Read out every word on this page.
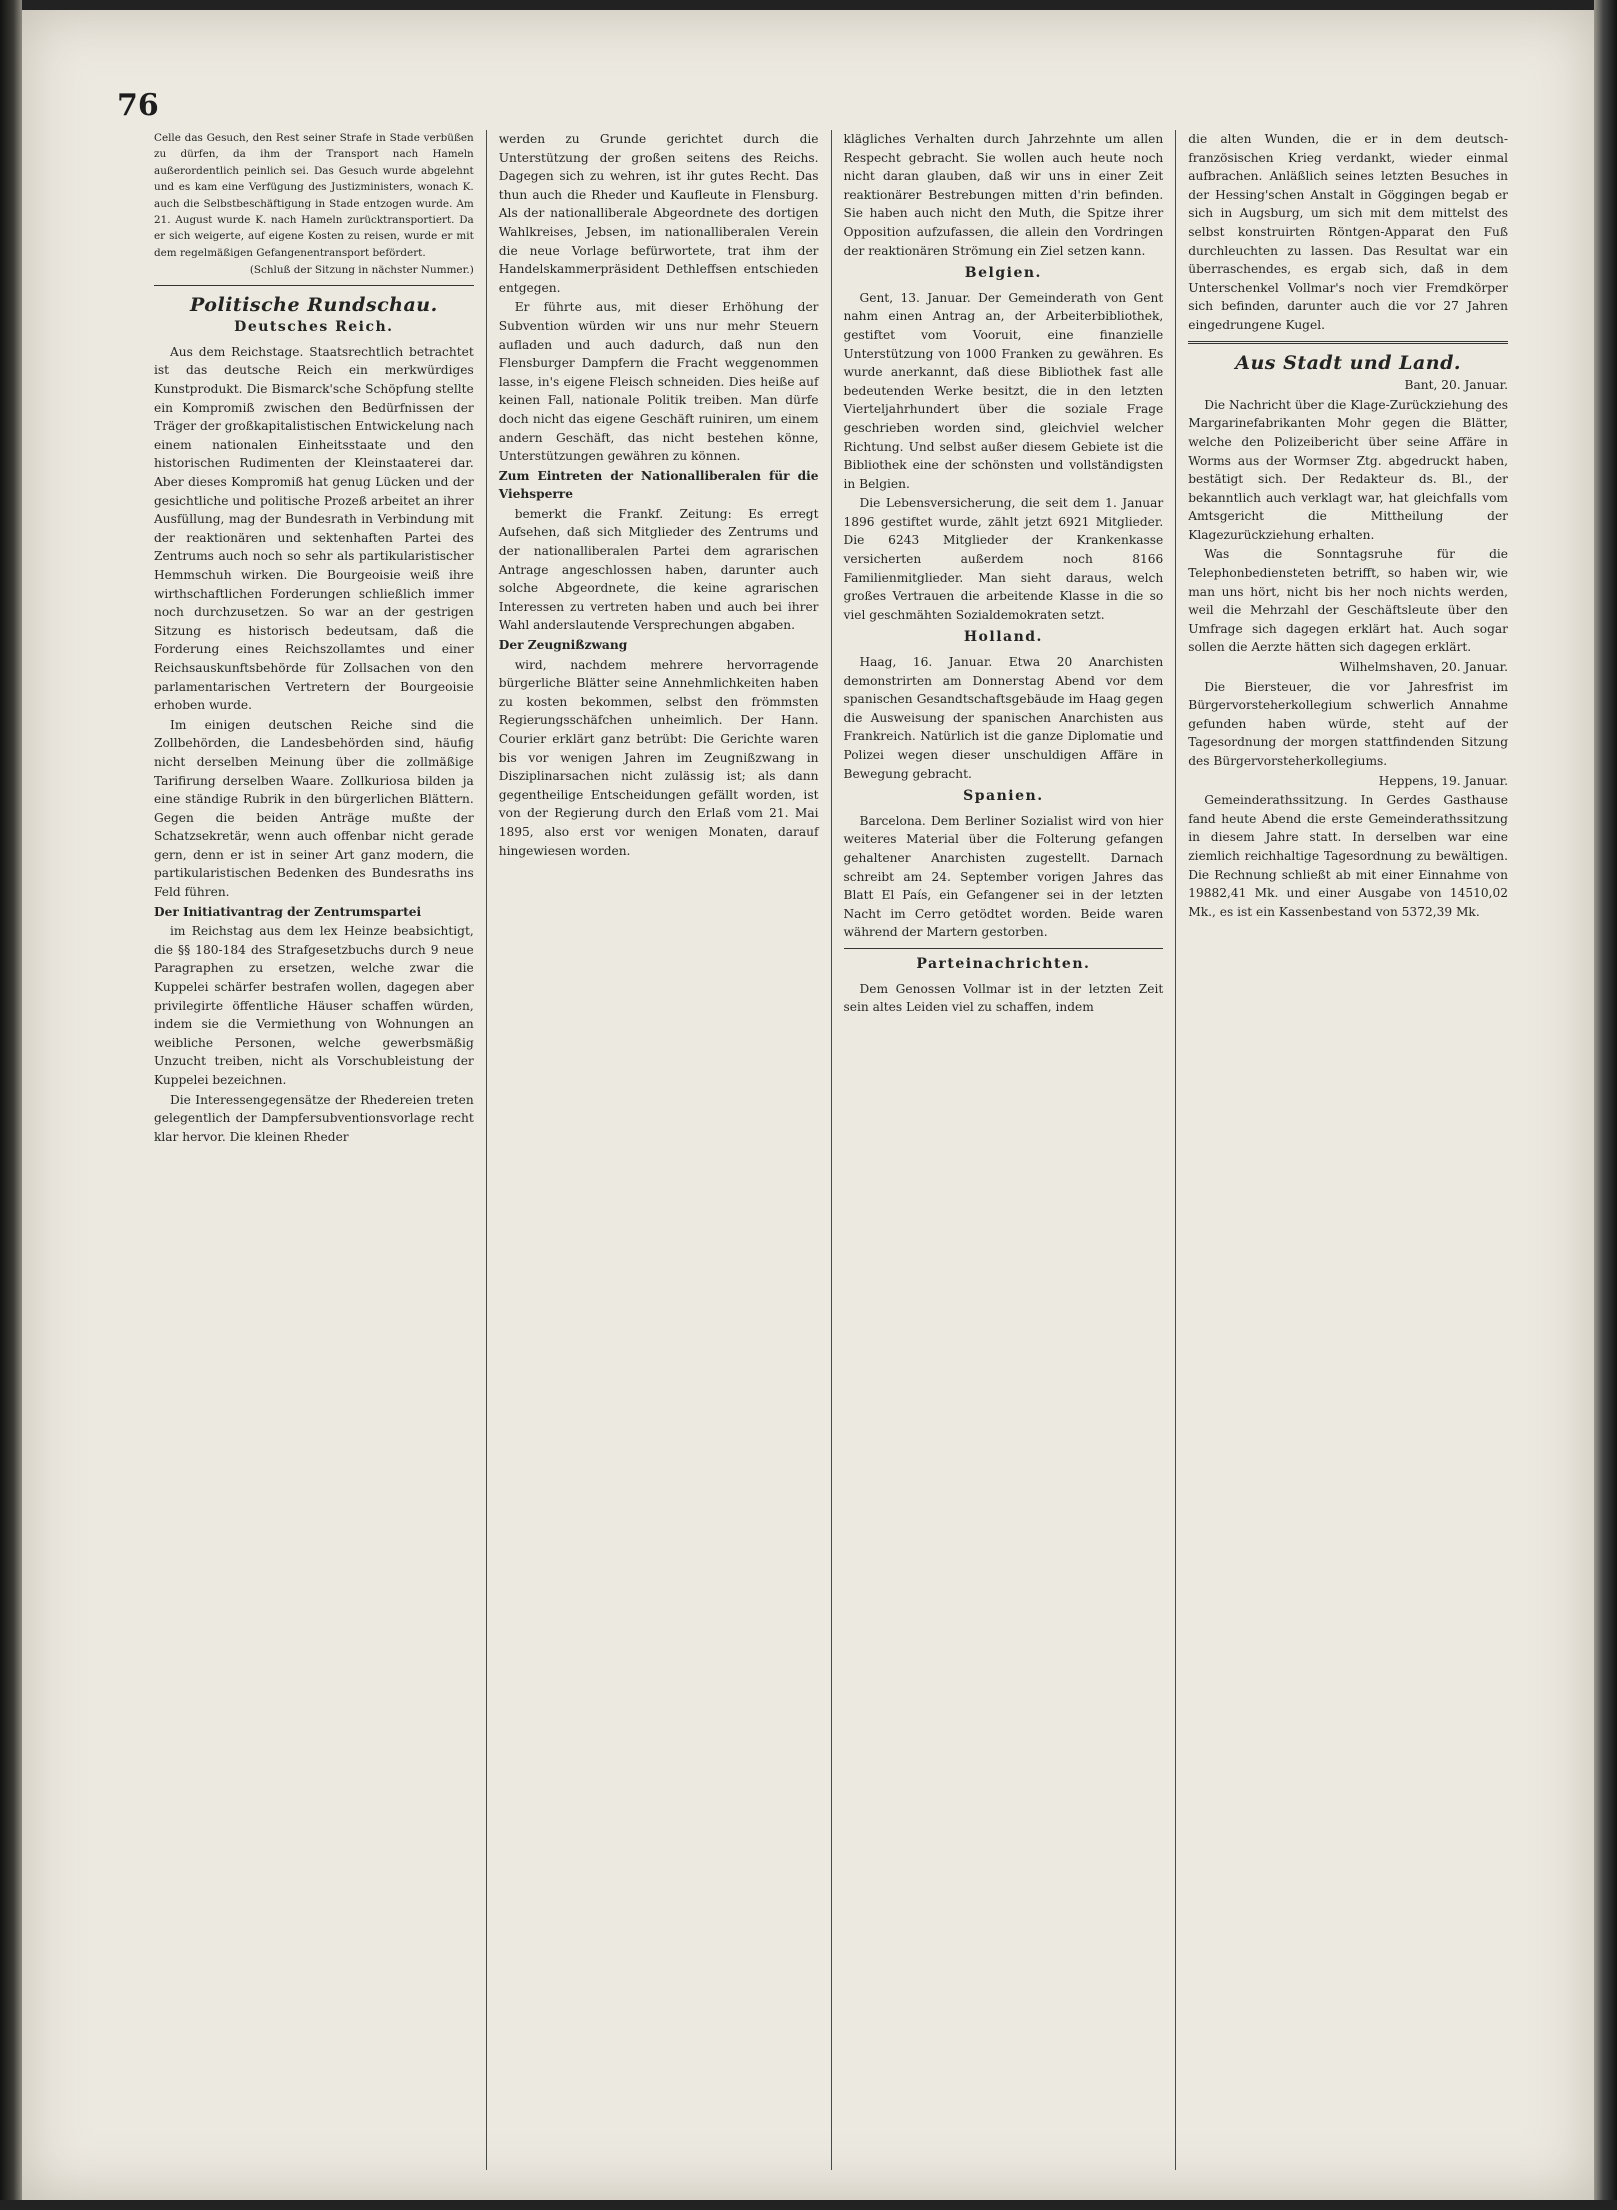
76

Celle das Gesuch, den Rest seiner Strafe in Stade verbüßen zu dürfen, da ihm der Transport nach Hameln außerordentlich peinlich sei. Das Gesuch wurde abgelehnt und es kam eine Verfügung des Justizministers, wonach K. auch die Selbstbeschäftigung in Stade entzogen wurde. Am 21. August wurde K. nach Hameln zurücktransportiert. Da er sich weigerte, auf eigene Kosten zu reisen, wurde er mit dem regelmäßigen Gefangenentransport befördert.

(Schluß der Sitzung in nächster Nummer.)

Politische Rundschau.
Deutsches Reich.

Aus dem Reichstage. Staatsrechtlich betrachtet ist das deutsche Reich ein merkwürdiges Kunstprodukt. Die Bismarck'sche Schöpfung stellte ein Kompromiß zwischen den Bedürfnissen der Träger der großkapitalistischen Entwickelung nach einem nationalen Einheitsstaate und den historischen Rudimenten der Kleinstaaterei dar. Aber dieses Kompromiß hat genug Lücken und der gesichtliche und politische Prozeß arbeitet an ihrer Ausfüllung, mag der Bundesrath in Verbindung mit der reaktionären und sektenhaften Partei des Zentrums auch noch so sehr als partikularistischer Hemmschuh wirken. Die Bourgeoisie weiß ihre wirthschaftlichen Forderungen schließlich immer noch durchzusetzen. So war an der gestrigen Sitzung es historisch bedeutsam, daß die Forderung eines Reichszollamtes und einer Reichsauskunftsbehörde für Zollsachen von den parlamentarischen Vertretern der Bourgeoisie erhoben wurde.

Im einigen deutschen Reiche sind die Zollbehörden, die Landesbehörden sind, häufig nicht derselben Meinung über die zollmäßige Tarifirung derselben Waare. Zollkuriosa bilden ja eine ständige Rubrik in den bürgerlichen Blättern. Gegen die beiden Anträge mußte der Schatzsekretär, wenn auch offenbar nicht gerade gern, denn er ist in seiner Art ganz modern, die partikularistischen Bedenken des Bundesraths ins Feld führen.

Der Initiativantrag der Zentrumspartei

im Reichstag aus dem lex Heinze beabsichtigt, die §§ 180-184 des Strafgesetzbuchs durch 9 neue Paragraphen zu ersetzen, welche zwar die Kuppelei schärfer bestrafen wollen, dagegen aber privilegirte öffentliche Häuser schaffen würden, indem sie die Vermiethung von Wohnungen an weibliche Personen, welche gewerbsmäßig Unzucht treiben, nicht als Vorschubleistung der Kuppelei bezeichnen.

Die Interessengegensätze der Rhedereien treten gelegentlich der Dampfersubventionsvorlage recht klar hervor. Die kleinen Rheder

werden zu Grunde gerichtet durch die Unterstützung der großen seitens des Reichs. Dagegen sich zu wehren, ist ihr gutes Recht. Das thun auch die Rheder und Kaufleute in Flensburg. Als der nationalliberale Abgeordnete des dortigen Wahlkreises, Jebsen, im nationalliberalen Verein die neue Vorlage befürwortete, trat ihm der Handelskammerpräsident Dethleffsen entschieden entgegen.

Er führte aus, mit dieser Erhöhung der Subvention würden wir uns nur mehr Steuern aufladen und auch dadurch, daß nun den Flensburger Dampfern die Fracht weggenommen lasse, in's eigene Fleisch schneiden. Dies heiße auf keinen Fall, nationale Politik treiben. Man dürfe doch nicht das eigene Geschäft ruiniren, um einem andern Geschäft, das nicht bestehen könne, Unterstützungen gewähren zu können.

Zum Eintreten der Nationalliberalen für die Viehsperre

bemerkt die Frankf. Zeitung: Es erregt Aufsehen, daß sich Mitglieder des Zentrums und der nationalliberalen Partei dem agrarischen Antrage angeschlossen haben, darunter auch solche Abgeordnete, die keine agrarischen Interessen zu vertreten haben und auch bei ihrer Wahl anderslautende Versprechungen abgaben.

Der Zeugnißzwang

wird, nachdem mehrere hervorragende bürgerliche Blätter seine Annehmlichkeiten haben zu kosten bekommen, selbst den frömmsten Regierungsschäfchen unheimlich. Der Hann. Courier erklärt ganz betrübt: Die Gerichte waren bis vor wenigen Jahren im Zeugnißzwang in Disziplinarsachen nicht zulässig ist; als dann gegentheilige Entscheidungen gefällt worden, ist von der Regierung durch den Erlaß vom 21. Mai 1895, also erst vor wenigen Monaten, darauf hingewiesen worden.

klägliches Verhalten durch Jahrzehnte um allen Respecht gebracht. Sie wollen auch heute noch nicht daran glauben, daß wir uns in einer Zeit reaktionärer Bestrebungen mitten d'rin befinden. Sie haben auch nicht den Muth, die Spitze ihrer Opposition aufzufassen, die allein den Vordringen der reaktionären Strömung ein Ziel setzen kann.

Belgien.

Gent, 13. Januar. Der Gemeinderath von Gent nahm einen Antrag an, der Arbeiterbibliothek, gestiftet vom Vooruit, eine finanzielle Unterstützung von 1000 Franken zu gewähren. Es wurde anerkannt, daß diese Bibliothek fast alle bedeutenden Werke besitzt, die in den letzten Vierteljahrhundert über die soziale Frage geschrieben worden sind, gleichviel welcher Richtung. Und selbst außer diesem Gebiete ist die Bibliothek eine der schönsten und vollständigsten in Belgien.

Die Lebensversicherung, die seit dem 1. Januar 1896 gestiftet wurde, zählt jetzt 6921 Mitglieder. Die 6243 Mitglieder der Krankenkasse versicherten außerdem noch 8166 Familienmitglieder. Man sieht daraus, welch großes Vertrauen die arbeitende Klasse in die so viel geschmähten Sozialdemokraten setzt.

Holland.

Haag, 16. Januar. Etwa 20 Anarchisten demonstrirten am Donnerstag Abend vor dem spanischen Gesandtschaftsgebäude im Haag gegen die Ausweisung der spanischen Anarchisten aus Frankreich. Natürlich ist die ganze Diplomatie und Polizei wegen dieser unschuldigen Affäre in Bewegung gebracht.

Spanien.

Barcelona. Dem Berliner Sozialist wird von hier weiteres Material über die Folterung gefangen gehaltener Anarchisten zugestellt. Darnach schreibt am 24. September vorigen Jahres das Blatt El País, ein Gefangener sei in der letzten Nacht im Cerro getödtet worden. Beide waren während der Martern gestorben.

Parteinachrichten.

Dem Genossen Vollmar ist in der letzten Zeit sein altes Leiden viel zu schaffen, indem

die alten Wunden, die er in dem deutsch-französischen Krieg verdankt, wieder einmal aufbrachen. Anläßlich seines letzten Besuches in der Hessing'schen Anstalt in Göggingen begab er sich in Augsburg, um sich mit dem mittelst des selbst konstruirten Röntgen-Apparat den Fuß durchleuchten zu lassen. Das Resultat war ein überraschendes, es ergab sich, daß in dem Unterschenkel Vollmar's noch vier Fremdkörper sich befinden, darunter auch die vor 27 Jahren eingedrungene Kugel.

Aus Stadt und Land.

Bant, 20. Januar.

Die Nachricht über die Klage-Zurückziehung des Margarinefabrikanten Mohr gegen die Blätter, welche den Polizeibericht über seine Affäre in Worms aus der Wormser Ztg. abgedruckt haben, bestätigt sich. Der Redakteur ds. Bl., der bekanntlich auch verklagt war, hat gleichfalls vom Amtsgericht die Mittheilung der Klagezurückziehung erhalten.

Was die Sonntagsruhe für die Telephonbediensteten betrifft, so haben wir, wie man uns hört, nicht bis her noch nichts werden, weil die Mehrzahl der Geschäftsleute über den Umfrage sich dagegen erklärt hat. Auch sogar sollen die Aerzte hätten sich dagegen erklärt.

Wilhelmshaven, 20. Januar.

Die Biersteuer, die vor Jahresfrist im Bürgervorsteherkollegium schwerlich Annahme gefunden haben würde, steht auf der Tagesordnung der morgen stattfindenden Sitzung des Bürgervorsteherkollegiums.

Heppens, 19. Januar.

Gemeinderathssitzung. In Gerdes Gasthause fand heute Abend die erste Gemeinderathssitzung in diesem Jahre statt. In derselben war eine ziemlich reichhaltige Tagesordnung zu bewältigen. Die Rechnung schließt ab mit einer Einnahme von 19882,41 Mk. und einer Ausgabe von 14510,02 Mk., es ist ein Kassenbestand von 5372,39 Mk.
